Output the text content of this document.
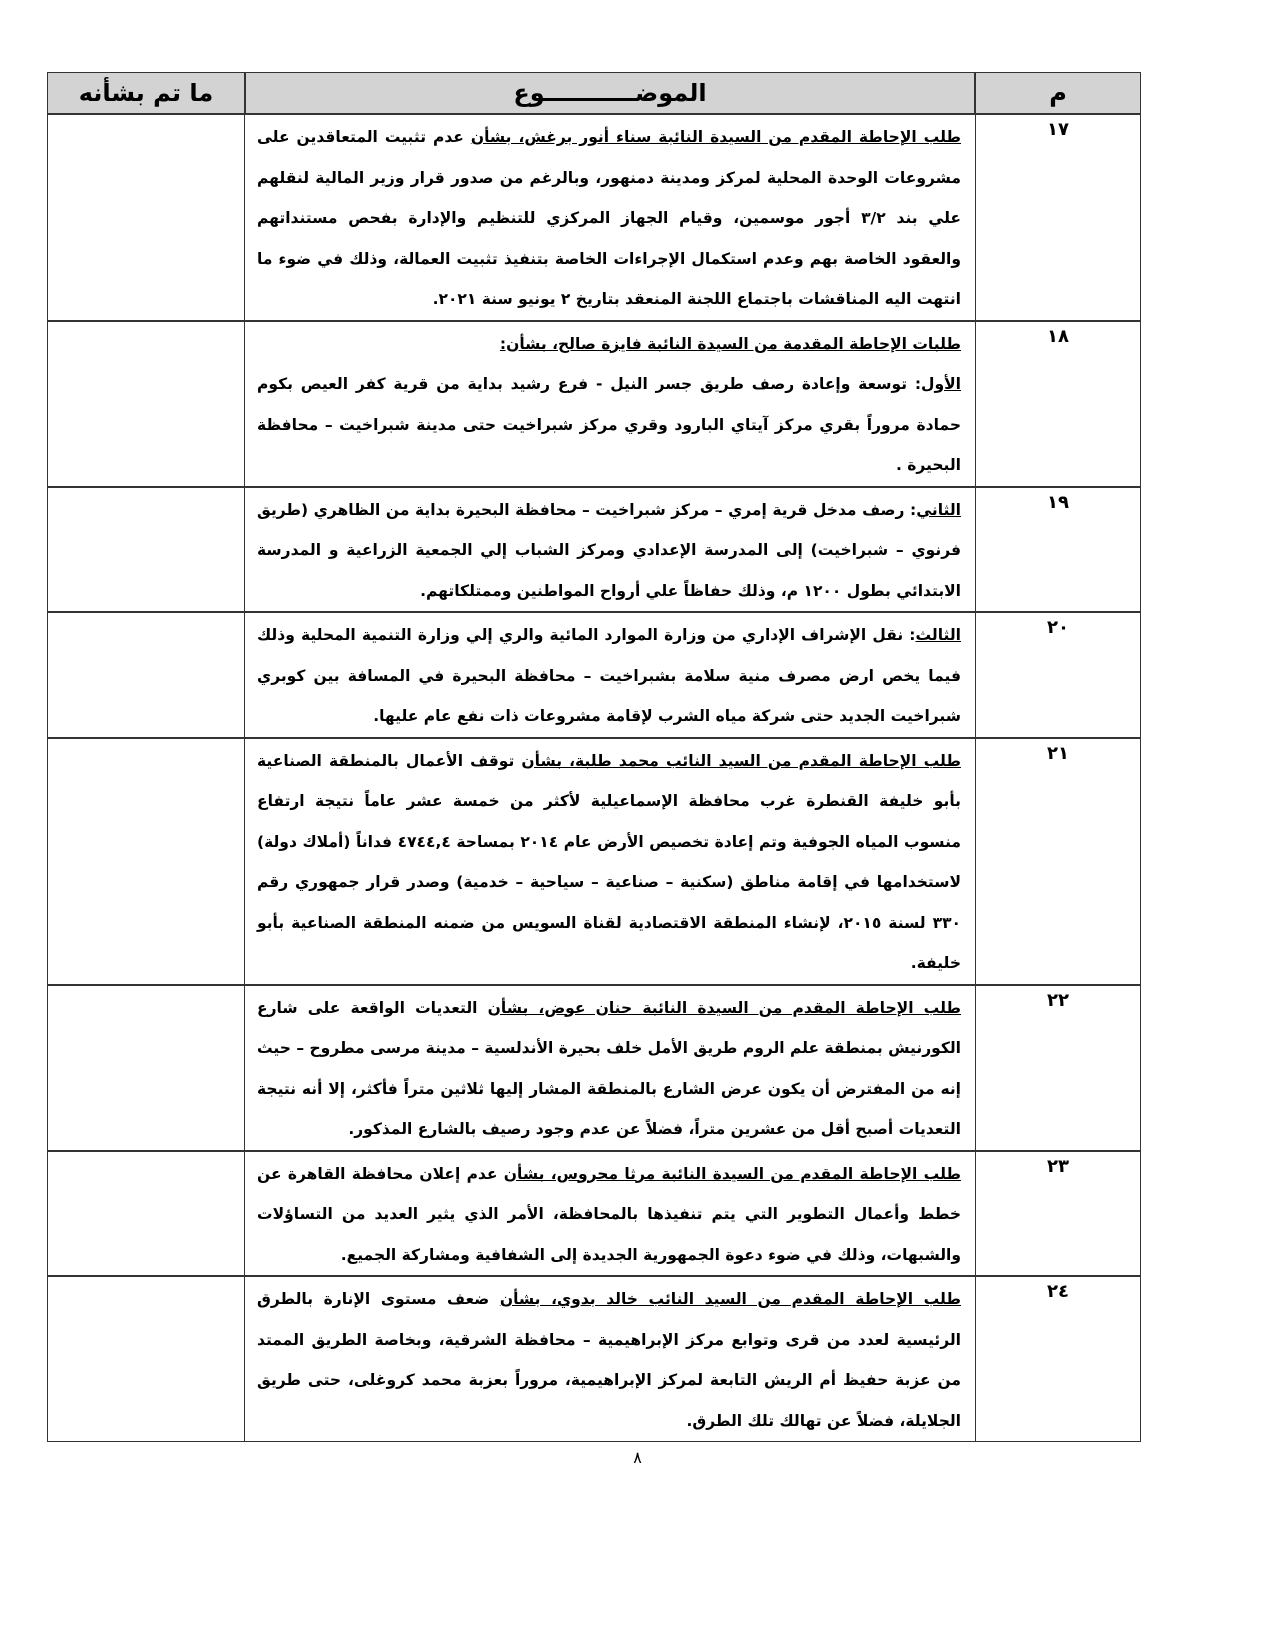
م	الموضـــــــــــوع	ما تم بشأنه
١٧	طلب الإحاطة المقدم من السيدة النائبة سناء أنور برغش، بشأن عدم تثبيت المتعاقدين على مشروعات الوحدة المحلية لمركز ومدينة دمنهور، وبالرغم من صدور قرار وزير المالية لنقلهم علي بند ٣/٢ أجور موسمين، وقيام الجهاز المركزي للتنظيم والإدارة بفحص مستنداتهم والعقود الخاصة بهم وعدم استكمال الإجراءات الخاصة بتنفيذ تثبيت العمالة، وذلك في ضوء ما انتهت اليه المناقشات باجتماع اللجنة المنعقد بتاريخ ٢ يونيو سنة ٢٠٢١.	

١٨	طلبات الإحاطة المقدمة من السيدة النائبة فايزة صالح، بشأن:
الأول: توسعة وإعادة رصف طريق جسر النيل - فرع رشيد بداية من قرية كفر العيص بكوم حمادة مروراً بقري مركز آيتاي البارود وقري مركز شبراخيت حتى مدينة شبراخيت – محافظة البحيرة .	

١٩	الثاني: رصف مدخل قرية إمري – مركز شبراخيت – محافظة البحيرة بداية من الظاهري (طريق فرنوي – شبراخيت) إلى المدرسة الإعدادي ومركز الشباب إلي الجمعية الزراعية و المدرسة الابتدائي بطول ١٢٠٠ م، وذلك حفاظاً علي أرواح المواطنين وممتلكاتهم.	

٢٠	الثالث: نقل الإشراف الإداري من وزارة الموارد المائية والري إلي وزارة التنمية المحلية وذلك فيما يخص ارض مصرف منية سلامة بشبراخيت – محافظة البحيرة في المسافة بين كوبري شبراخيت الجديد حتى شركة مياه الشرب لإقامة مشروعات ذات نفع عام عليها.	

٢١	طلب الإحاطة المقدم من السيد النائب محمد طلبة، بشأن توقف الأعمال بالمنطقة الصناعية بأبو خليفة القنطرة غرب محافظة الإسماعيلية لأكثر من خمسة عشر عاماً نتيجة ارتفاع منسوب المياه الجوفية وتم إعادة تخصيص الأرض عام ٢٠١٤ بمساحة ٤٧٤٤,٤ فداناً (أملاك دولة) لاستخدامها في إقامة مناطق (سكنية – صناعية – سياحية – خدمية) وصدر قرار جمهوري رقم ٣٣٠ لسنة ٢٠١٥، لإنشاء المنطقة الاقتصادية لقناة السويس من ضمنه المنطقة الصناعية بأبو خليفة.	

٢٢	طلب الإحاطة المقدم من السيدة النائبة حنان عوض، بشأن التعديات الواقعة على شارع الكورنيش بمنطقة علم الروم طريق الأمل خلف بحيرة الأندلسية – مدينة مرسى مطروح – حيث إنه من المفترض أن يكون عرض الشارع بالمنطقة المشار إليها ثلاثين متراً فأكثر، إلا أنه نتيجة التعديات أصبح أقل من عشرين متراً، فضلاً عن عدم وجود رصيف بالشارع المذكور.	

٢٣	طلب الإحاطة المقدم من السيدة النائبة مرثا محروس، بشأن عدم إعلان محافظة القاهرة عن خطط وأعمال التطوير التي يتم تنفيذها بالمحافظة، الأمر الذي يثير العديد من التساؤلات والشبهات، وذلك في ضوء دعوة الجمهورية الجديدة إلى الشفافية ومشاركة الجميع.	

٢٤	طلب الإحاطة المقدم من السيد النائب خالد بدوي، بشأن ضعف مستوى الإنارة بالطرق الرئيسية لعدد من قرى وتوابع مركز الإبراهيمية – محافظة الشرقية، وبخاصة الطريق الممتد من عزبة حفيظ أم الريش التابعة لمركز الإبراهيمية، مروراً بعزبة محمد كروغلى، حتى طريق الجلايلة، فضلاً عن تهالك تلك الطرق.	

٨
